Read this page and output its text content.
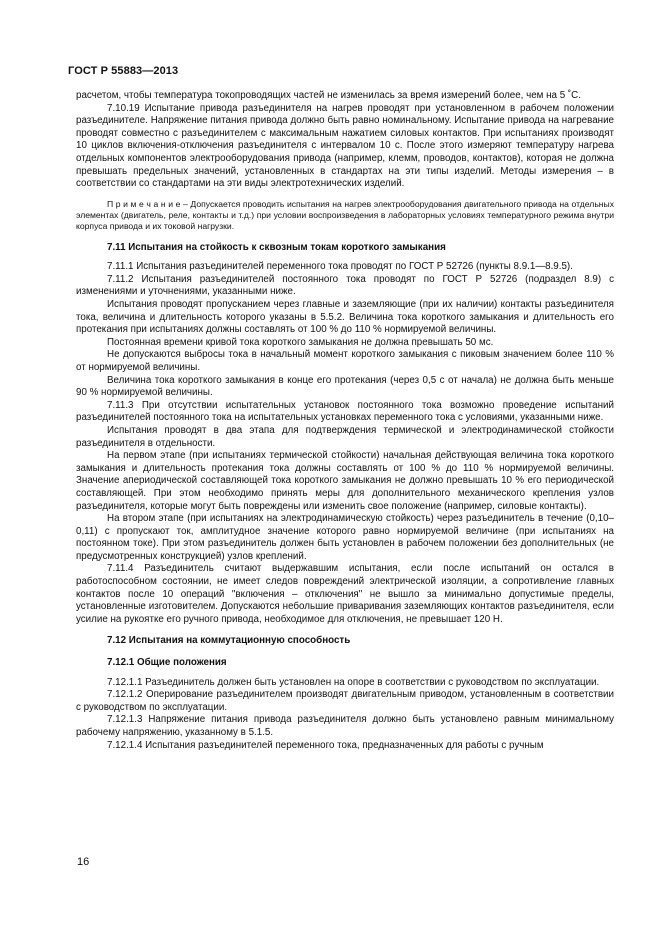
ГОСТ Р 55883—2013
расчетом, чтобы температура токопроводящих частей не изменилась за время измерений более, чем на 5 ˚С.
7.10.19 Испытание привода разъединителя на нагрев проводят при установленном в рабочем положении разъединителе. Напряжение питания привода должно быть равно номинальному. Испытание привода на нагревание проводят совместно с разъединителем с максимальным нажатием силовых контактов. При испытаниях производят 10 циклов включения-отключения разъединителя с интервалом 10 с. После этого измеряют температуру нагрева отдельных компонентов электрооборудования привода (например, клемм, проводов, контактов), которая не должна превышать предельных значений, установленных в стандартах на эти типы изделий. Методы измерения – в соответствии со стандартами на эти виды электротехнических изделий.
П р и м е ч а н и е – Допускается проводить испытания на нагрев электрооборудования двигательного привода на отдельных элементах (двигатель, реле, контакты и т.д.) при условии воспроизведения в лабораторных условиях температурного режима внутри корпуса привода и их токовой нагрузки.
7.11 Испытания на стойкость к сквозным токам короткого замыкания
7.11.1 Испытания разъединителей переменного тока проводят по ГОСТ Р 52726 (пункты 8.9.1—8.9.5).
7.11.2 Испытания разъединителей постоянного тока проводят по ГОСТ Р 52726 (подраздел 8.9) с изменениями и уточнениями, указанными ниже.
Испытания проводят пропусканием через главные и заземляющие (при их наличии) контакты разъединителя тока, величина и длительность которого указаны в 5.5.2. Величина тока короткого замыкания и длительность его протекания при испытаниях должны составлять от 100 % до 110 % нормируемой величины.
Постоянная времени кривой тока короткого замыкания не должна превышать 50 мс.
Не допускаются выбросы тока в начальный момент короткого замыкания с пиковым значением более 110 % от нормируемой величины.
Величина тока короткого замыкания в конце его протекания (через 0,5 с от начала) не должна быть меньше 90 % нормируемой величины.
7.11.3 При отсутствии испытательных установок постоянного тока возможно проведение испытаний разъединителей постоянного тока на испытательных установках переменного тока с условиями, указанными ниже.
Испытания проводят в два этапа для подтверждения термической и электродинамической стойкости разъединителя в отдельности.
На первом этапе (при испытаниях термической стойкости) начальная действующая величина тока короткого замыкания и длительность протекания тока должны составлять от 100 % до 110 % нормируемой величины. Значение апериодической составляющей тока короткого замыкания не должно превышать 10 % его периодической составляющей. При этом необходимо принять меры для дополнительного механического крепления узлов разъединителя, которые могут быть повреждены или изменить свое положение (например, силовые контакты).
На втором этапе (при испытаниях на электродинамическую стойкость) через разъединитель в течение (0,10–0,11) с пропускают ток, амплитудное значение которого равно нормируемой величине (при испытаниях на постоянном токе). При этом разъединитель должен быть установлен в рабочем положении без дополнительных (не предусмотренных конструкцией) узлов креплений.
7.11.4 Разъединитель считают выдержавшим испытания, если после испытаний он остался в работоспособном состоянии, не имеет следов повреждений электрической изоляции, а сопротивление главных контактов после 10 операций "включения – отключения" не вышло за минимально допустимые пределы, установленные изготовителем. Допускаются небольшие приваривания заземляющих контактов разъединителя, если усилие на рукоятке его ручного привода, необходимое для отключения, не превышает 120 Н.
7.12 Испытания на коммутационную способность
7.12.1 Общие положения
7.12.1.1 Разъединитель должен быть установлен на опоре в соответствии с руководством по эксплуатации.
7.12.1.2 Оперирование разъединителем производят двигательным приводом, установленным в соответствии с руководством по эксплуатации.
7.12.1.3 Напряжение питания привода разъединителя должно быть установлено равным минимальному рабочему напряжению, указанному в 5.1.5.
7.12.1.4 Испытания разъединителей переменного тока, предназначенных для работы с ручным
16
